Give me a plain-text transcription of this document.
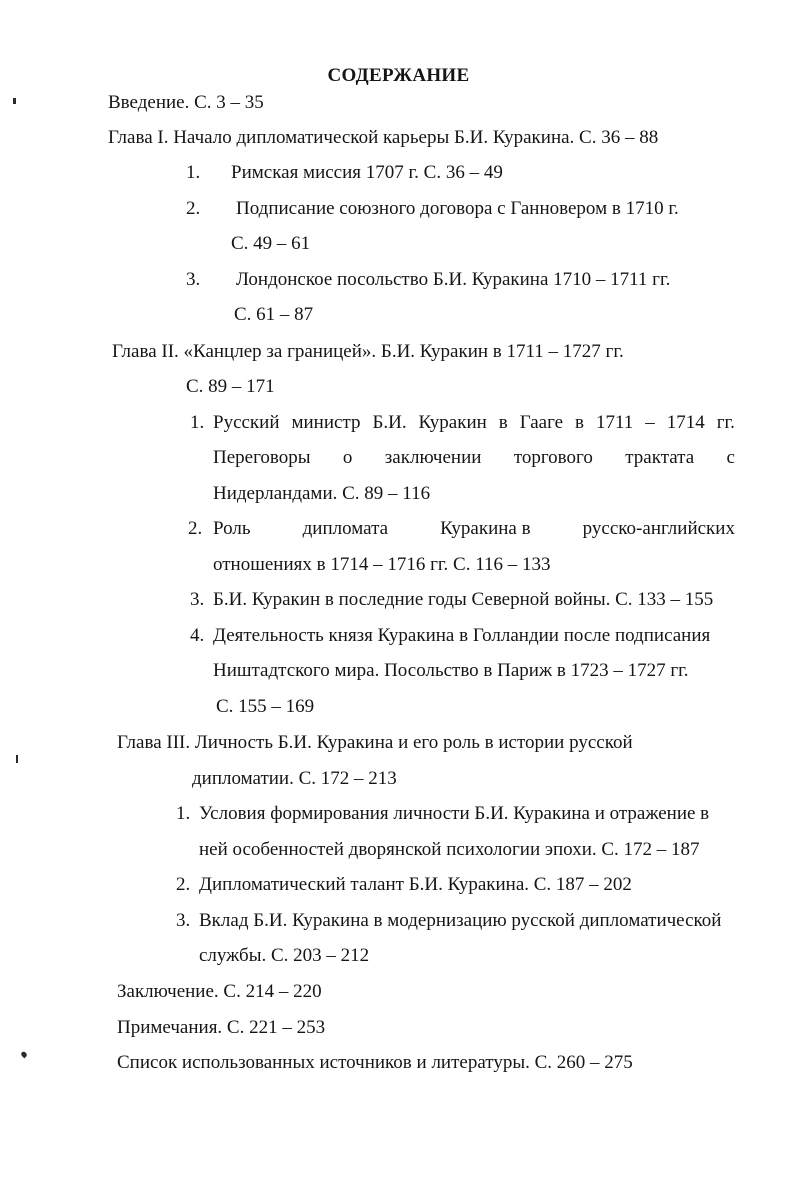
СОДЕРЖАНИЕ
Введение. С. 3 – 35
Глава I. Начало дипломатической карьеры Б.И. Куракина. С. 36 – 88
1. Римская миссия 1707 г. С. 36 – 49
2. Подписание союзного договора с Ганновером в 1710 г.
С. 49 – 61
3. Лондонское посольство Б.И. Куракина 1710 – 1711 гг.
С. 61 – 87
Глава II. «Канцлер за границей». Б.И. Куракин в 1711 – 1727 гг.
С. 89 – 171
1. Русский министр Б.И. Куракин в Гааге в 1711 – 1714 гг.
Переговоры о заключении торгового трактата с
Нидерландами. С. 89 – 116
2. Роль	дипломата	Куракина в	русско-английских
отношениях в 1714 – 1716 гг. С. 116 – 133
3. Б.И. Куракин в последние годы Северной войны. С. 133 – 155
4. Деятельность князя Куракина в Голландии после подписания
Ништадтского мира. Посольство в Париж в 1723 – 1727 гг.
С. 155 – 169
Глава III. Личность Б.И. Куракина и его роль в истории русской
дипломатии. С. 172 – 213
1. Условия формирования личности Б.И. Куракина и отражение в
ней особенностей дворянской психологии эпохи. С. 172 – 187
2. Дипломатический талант Б.И. Куракина. С. 187 – 202
3. Вклад Б.И. Куракина в модернизацию русской дипломатической
службы. С. 203 – 212
Заключение. С. 214 – 220
Примечания. С. 221 – 253
Список использованных источников и литературы. С. 260 – 275
